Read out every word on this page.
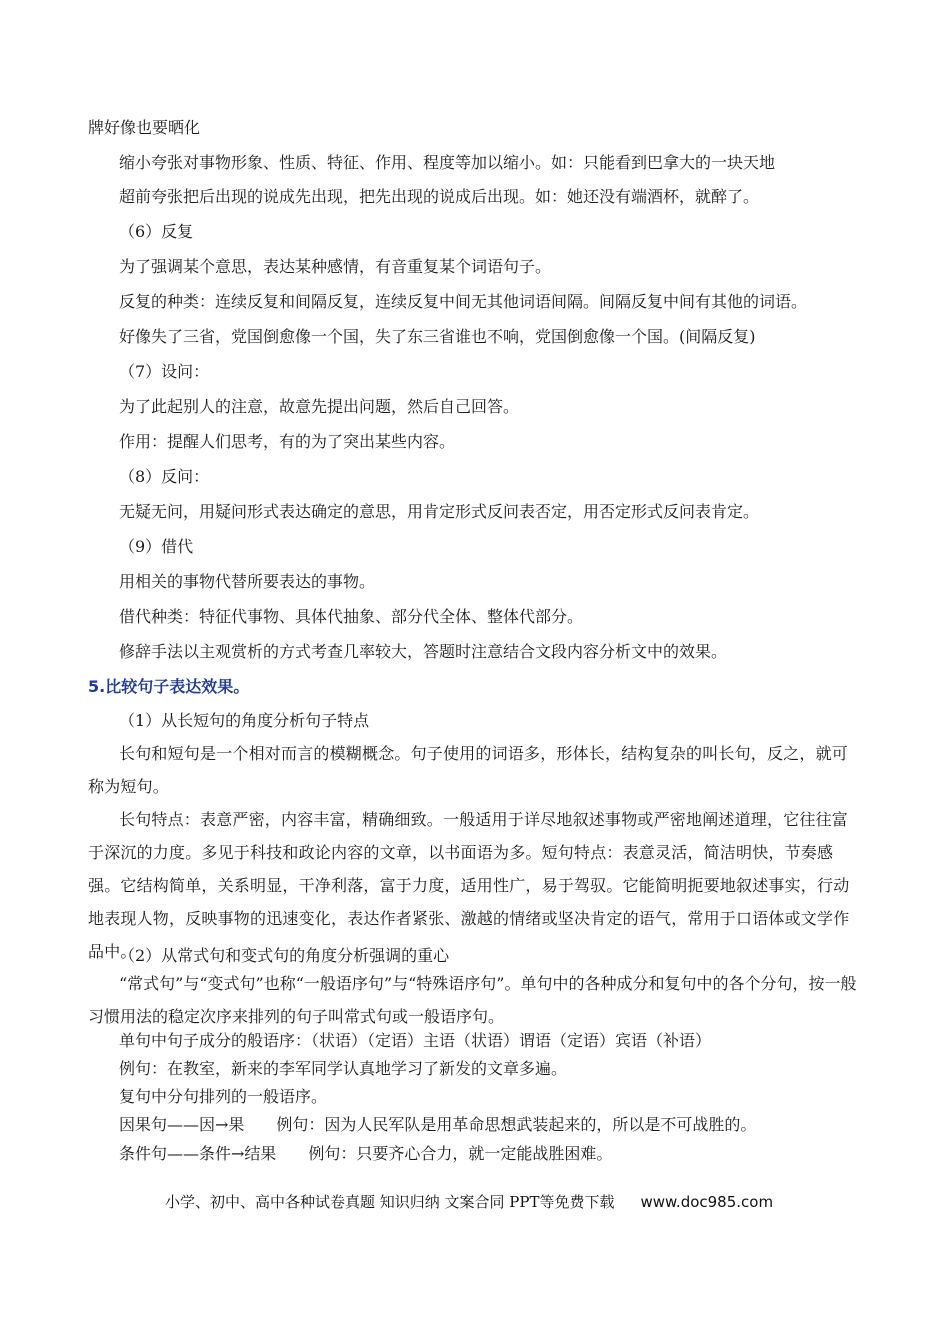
牌好像也要晒化
缩小夸张对事物形象、性质、特征、作用、程度等加以缩小。如：只能看到巴拿大的一块天地
超前夸张把后出现的说成先出现，把先出现的说成后出现。如：她还没有端酒杯，就醉了。
（6）反复
为了强调某个意思，表达某种感情，有音重复某个词语句子。
反复的种类：连续反复和间隔反复，连续反复中间无其他词语间隔。间隔反复中间有其他的词语。
好像失了三省，党国倒愈像一个国，失了东三省谁也不响，党国倒愈像一个国。(间隔反复)
（7）设问：
为了此起别人的注意，故意先提出问题，然后自己回答。
作用：提醒人们思考，有的为了突出某些内容。
（8）反问：
无疑无问，用疑问形式表达确定的意思，用肯定形式反问表否定，用否定形式反问表肯定。
（9）借代
用相关的事物代替所要表达的事物。
借代种类：特征代事物、具体代抽象、部分代全体、整体代部分。
修辞手法以主观赏析的方式考查几率较大，答题时注意结合文段内容分析文中的效果。
5.比较句子表达效果。
（1）从长短句的角度分析句子特点
长句和短句是一个相对而言的模糊概念。句子使用的词语多，形体长，结构复杂的叫长句，反之，就可称为短句。
长句特点：表意严密，内容丰富，精确细致。一般适用于详尽地叙述事物或严密地阐述道理，它往往富于深沉的力度。多见于科技和政论内容的文章，以书面语为多。短句特点：表意灵活，简洁明快，节奏感强。它结构简单，关系明显，干净利落，富于力度，适用性广，易于驾驭。它能简明扼要地叙述事实，行动地表现人物，反映事物的迅速变化，表达作者紧张、激越的情绪或坚决肯定的语气，常用于口语体或文学作品中。
（2）从常式句和变式句的角度分析强调的重心
“常式句”与“变式句”也称“一般语序句”与“特殊语序句”。单句中的各种成分和复句中的各个分句，按一般习惯用法的稳定次序来排列的句子叫常式句或一般语序句。
单句中句子成分的般语序：（状语）（定语）主语（状语）谓语（定语）宾语（补语）
例句：在教室，新来的李军同学认真地学习了新发的文章多遍。
复句中分句排列的一般语序。
因果句——因→果　　例句：因为人民军队是用革命思想武装起来的，所以是不可战胜的。
条件句——条件→结果　　例句：只要齐心合力，就一定能战胜困难。
小学、初中、高中各种试卷真题 知识归纳 文案合同 PPT等免费下载 www.doc985.com
